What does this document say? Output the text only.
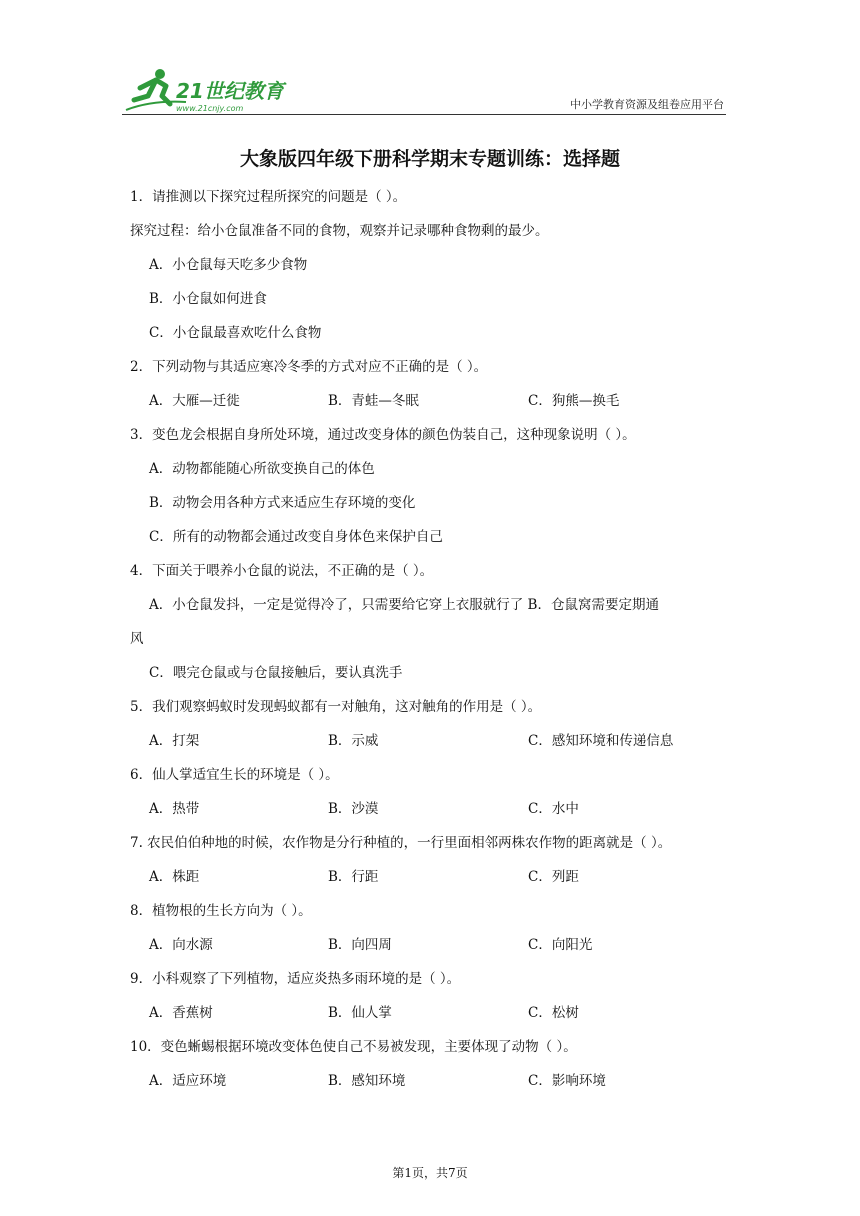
21世纪教育
www.21cnjy.com	中小学教育资源及组卷应用平台
大象版四年级下册科学期末专题训练：选择题
1．请推测以下探究过程所探究的问题是（ ）。
探究过程：给小仓鼠准备不同的食物，观察并记录哪种食物剩的最少。
A．小仓鼠每天吃多少食物
B．小仓鼠如何进食
C．小仓鼠最喜欢吃什么食物
2．下列动物与其适应寒冷冬季的方式对应不正确的是（ ）。
A．大雁—迁徙	B．青蛙—冬眠	C．狗熊—换毛
3．变色龙会根据自身所处环境，通过改变身体的颜色伪装自己，这种现象说明（ ）。
A．动物都能随心所欲变换自己的体色
B．动物会用各种方式来适应生存环境的变化
C．所有的动物都会通过改变自身体色来保护自己
4．下面关于喂养小仓鼠的说法，不正确的是（ ）。
A．小仓鼠发抖，一定是觉得冷了，只需要给它穿上衣服就行了 B．仓鼠窝需要定期通
风
C．喂完仓鼠或与仓鼠接触后，要认真洗手
5．我们观察蚂蚁时发现蚂蚁都有一对触角，这对触角的作用是（ ）。
A．打架	B．示威	C．感知环境和传递信息
6．仙人掌适宜生长的环境是（ ）。
A．热带	B．沙漠	C．水中
7. 农民伯伯种地的时候，农作物是分行种植的，一行里面相邻两株农作物的距离就是（ ）。
A．株距	B．行距	C．列距
8．植物根的生长方向为（ ）。
A．向水源	B．向四周	C．向阳光
9．小科观察了下列植物，适应炎热多雨环境的是（ ）。
A．香蕉树	B．仙人掌	C．松树
10．变色蜥蜴根据环境改变体色使自己不易被发现，主要体现了动物（ ）。
A．适应环境	B．感知环境	C．影响环境
第1页，共7页
